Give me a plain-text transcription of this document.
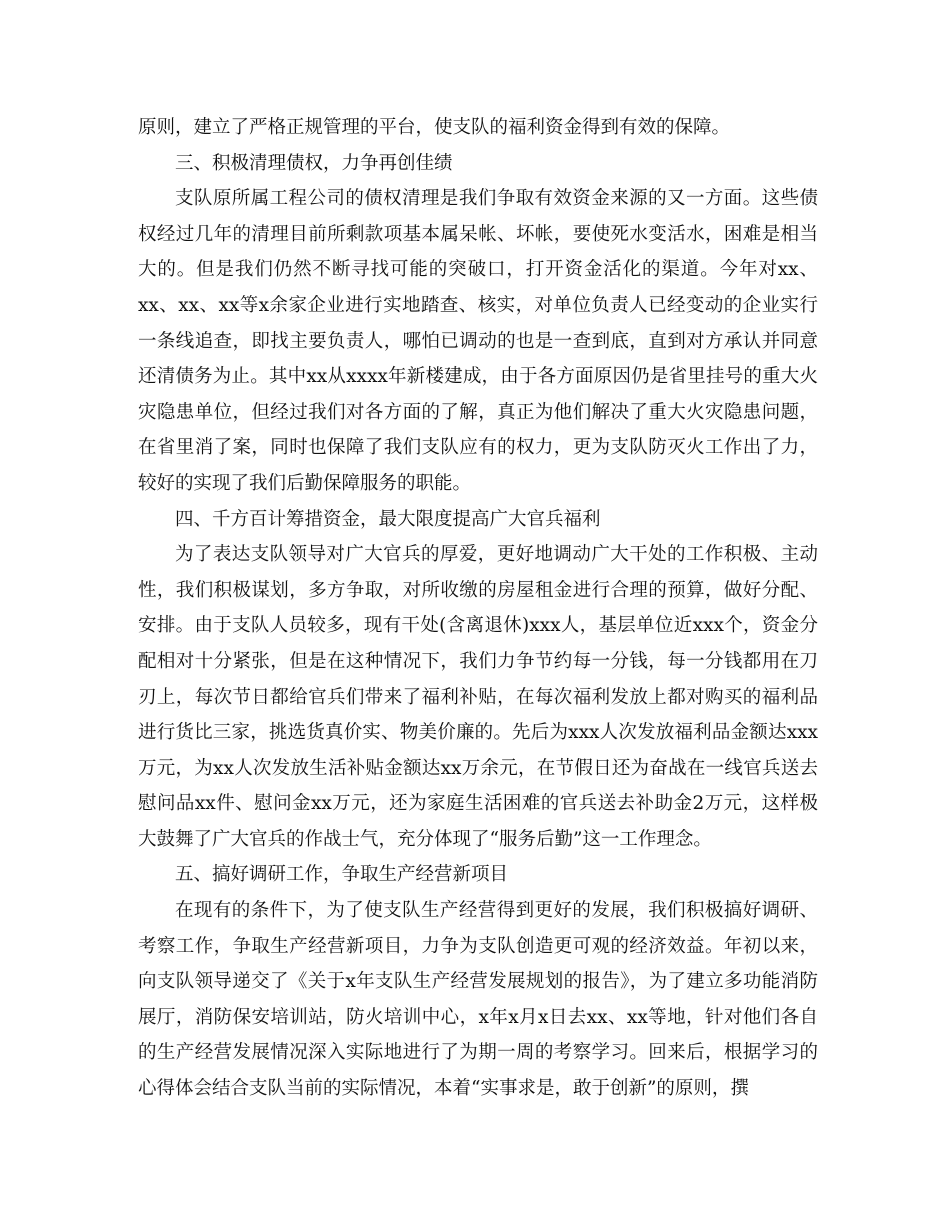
原则，建立了严格正规管理的平台，使支队的福利资金得到有效的保障。

三、积极清理债权，力争再创佳绩

支队原所属工程公司的债权清理是我们争取有效资金来源的又一方面。这些债权经过几年的清理目前所剩款项基本属呆帐、坏帐，要使死水变活水，困难是相当大的。但是我们仍然不断寻找可能的突破口，打开资金活化的渠道。今年对xx、xx、xx、xx等x余家企业进行实地踏查、核实，对单位负责人已经变动的企业实行一条线追查，即找主要负责人，哪怕已调动的也是一查到底，直到对方承认并同意还清债务为止。其中xx从xxxx年新楼建成，由于各方面原因仍是省里挂号的重大火灾隐患单位，但经过我们对各方面的了解，真正为他们解决了重大火灾隐患问题，在省里消了案，同时也保障了我们支队应有的权力，更为支队防灭火工作出了力，较好的实现了我们后勤保障服务的职能。

四、千方百计筹措资金，最大限度提高广大官兵福利

为了表达支队领导对广大官兵的厚爱，更好地调动广大干处的工作积极、主动性，我们积极谋划，多方争取，对所收缴的房屋租金进行合理的预算，做好分配、安排。由于支队人员较多，现有干处(含离退休)xxx人，基层单位近xxx个，资金分配相对十分紧张，但是在这种情况下，我们力争节约每一分钱，每一分钱都用在刀刃上，每次节日都给官兵们带来了福利补贴，在每次福利发放上都对购买的福利品进行货比三家，挑选货真价实、物美价廉的。先后为xxx人次发放福利品金额达xxx万元，为xx人次发放生活补贴金额达xx万余元，在节假日还为奋战在一线官兵送去慰问品xx件、慰问金xx万元，还为家庭生活困难的官兵送去补助金2万元，这样极大鼓舞了广大官兵的作战士气，充分体现了“服务后勤”这一工作理念。

五、搞好调研工作，争取生产经营新项目

在现有的条件下，为了使支队生产经营得到更好的发展，我们积极搞好调研、考察工作，争取生产经营新项目，力争为支队创造更可观的经济效益。年初以来，向支队领导递交了《关于x年支队生产经营发展规划的报告》，为了建立多功能消防展厅，消防保安培训站，防火培训中心，x年x月x日去xx、xx等地，针对他们各自的生产经营发展情况深入实际地进行了为期一周的考察学习。回来后，根据学习的心得体会结合支队当前的实际情况，本着“实事求是，敢于创新”的原则，撰
